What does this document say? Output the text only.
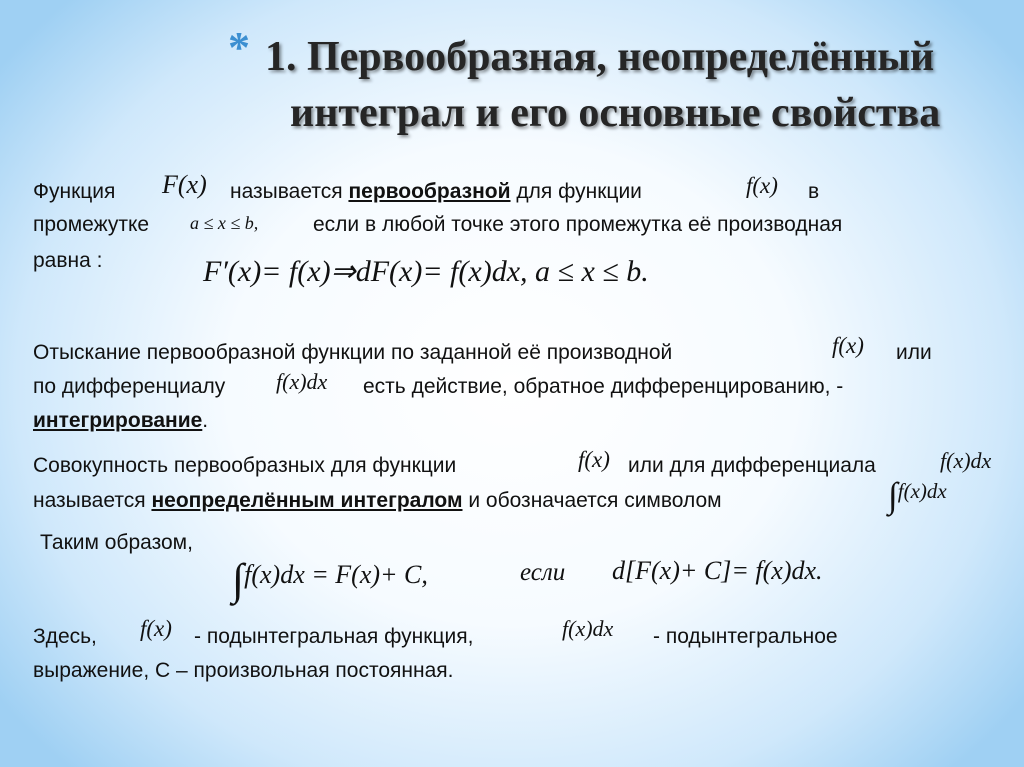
* 1. Первообразная, неопределённый
интеграл и его основные свойства
Функция F(x) называется первообразной для функции	f(x) в
промежутке a ≤ x ≤ b,	если в любой точке этого промежутка её производная
равна :	F′(x)= f(x)⇒dF(x)= f(x)dx, a ≤ x ≤ b.
Отыскание первообразной функции по заданной её производной	f(x) или
по дифференциалу f(x)dx есть действие, обратное дифференцированию, -
интегрирование.
Совокупность первообразных для функции	f(x) или для дифференциала	f(x)dx
называется неопределённым интегралом и обозначается символом	∫f(x)dx
Таким образом,
∫f(x)dx = F(x)+ C,	если d[F(x)+ C]= f(x)dx.
Здесь, f(x) - подынтегральная функция,	f(x)dx - подынтегральное
выражение, С – произвольная постоянная.
